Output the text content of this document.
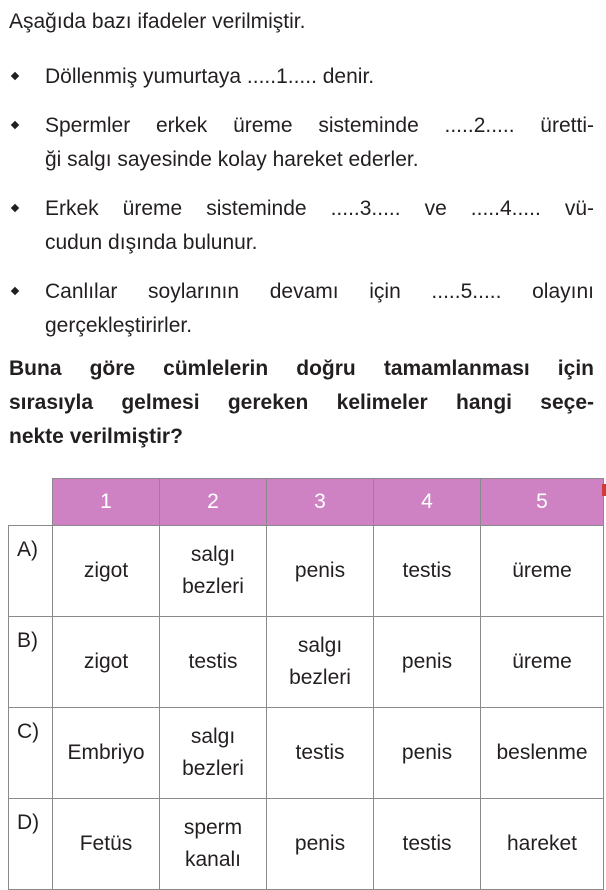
Aşağıda bazı ifadeler verilmiştir.

Döllenmiş yumurtaya .....1..... denir.
Spermler erkek üreme sisteminde .....2..... üretti-
ği salgı sayesinde kolay hareket ederler.
Erkek üreme sisteminde .....3..... ve .....4..... vü-
cudun dışında bulunur.
Canlılar soylarının devamı için .....5..... olayını
gerçekleştirirler.

Buna göre cümlelerin doğru tamamlanması için
sırasıyla gelmesi gereken kelimeler hangi seçe-
nekte verilmiştir?

	1	2	3	4	5
A)	zigot	salgı
bezleri	penis	testis	üreme

B)	zigot	testis	salgı
bezleri	penis	üreme

C)	Embriyo	salgı
bezleri	testis	penis	beslenme

D)	Fetüs	sperm
kanalı	penis	testis	hareket
